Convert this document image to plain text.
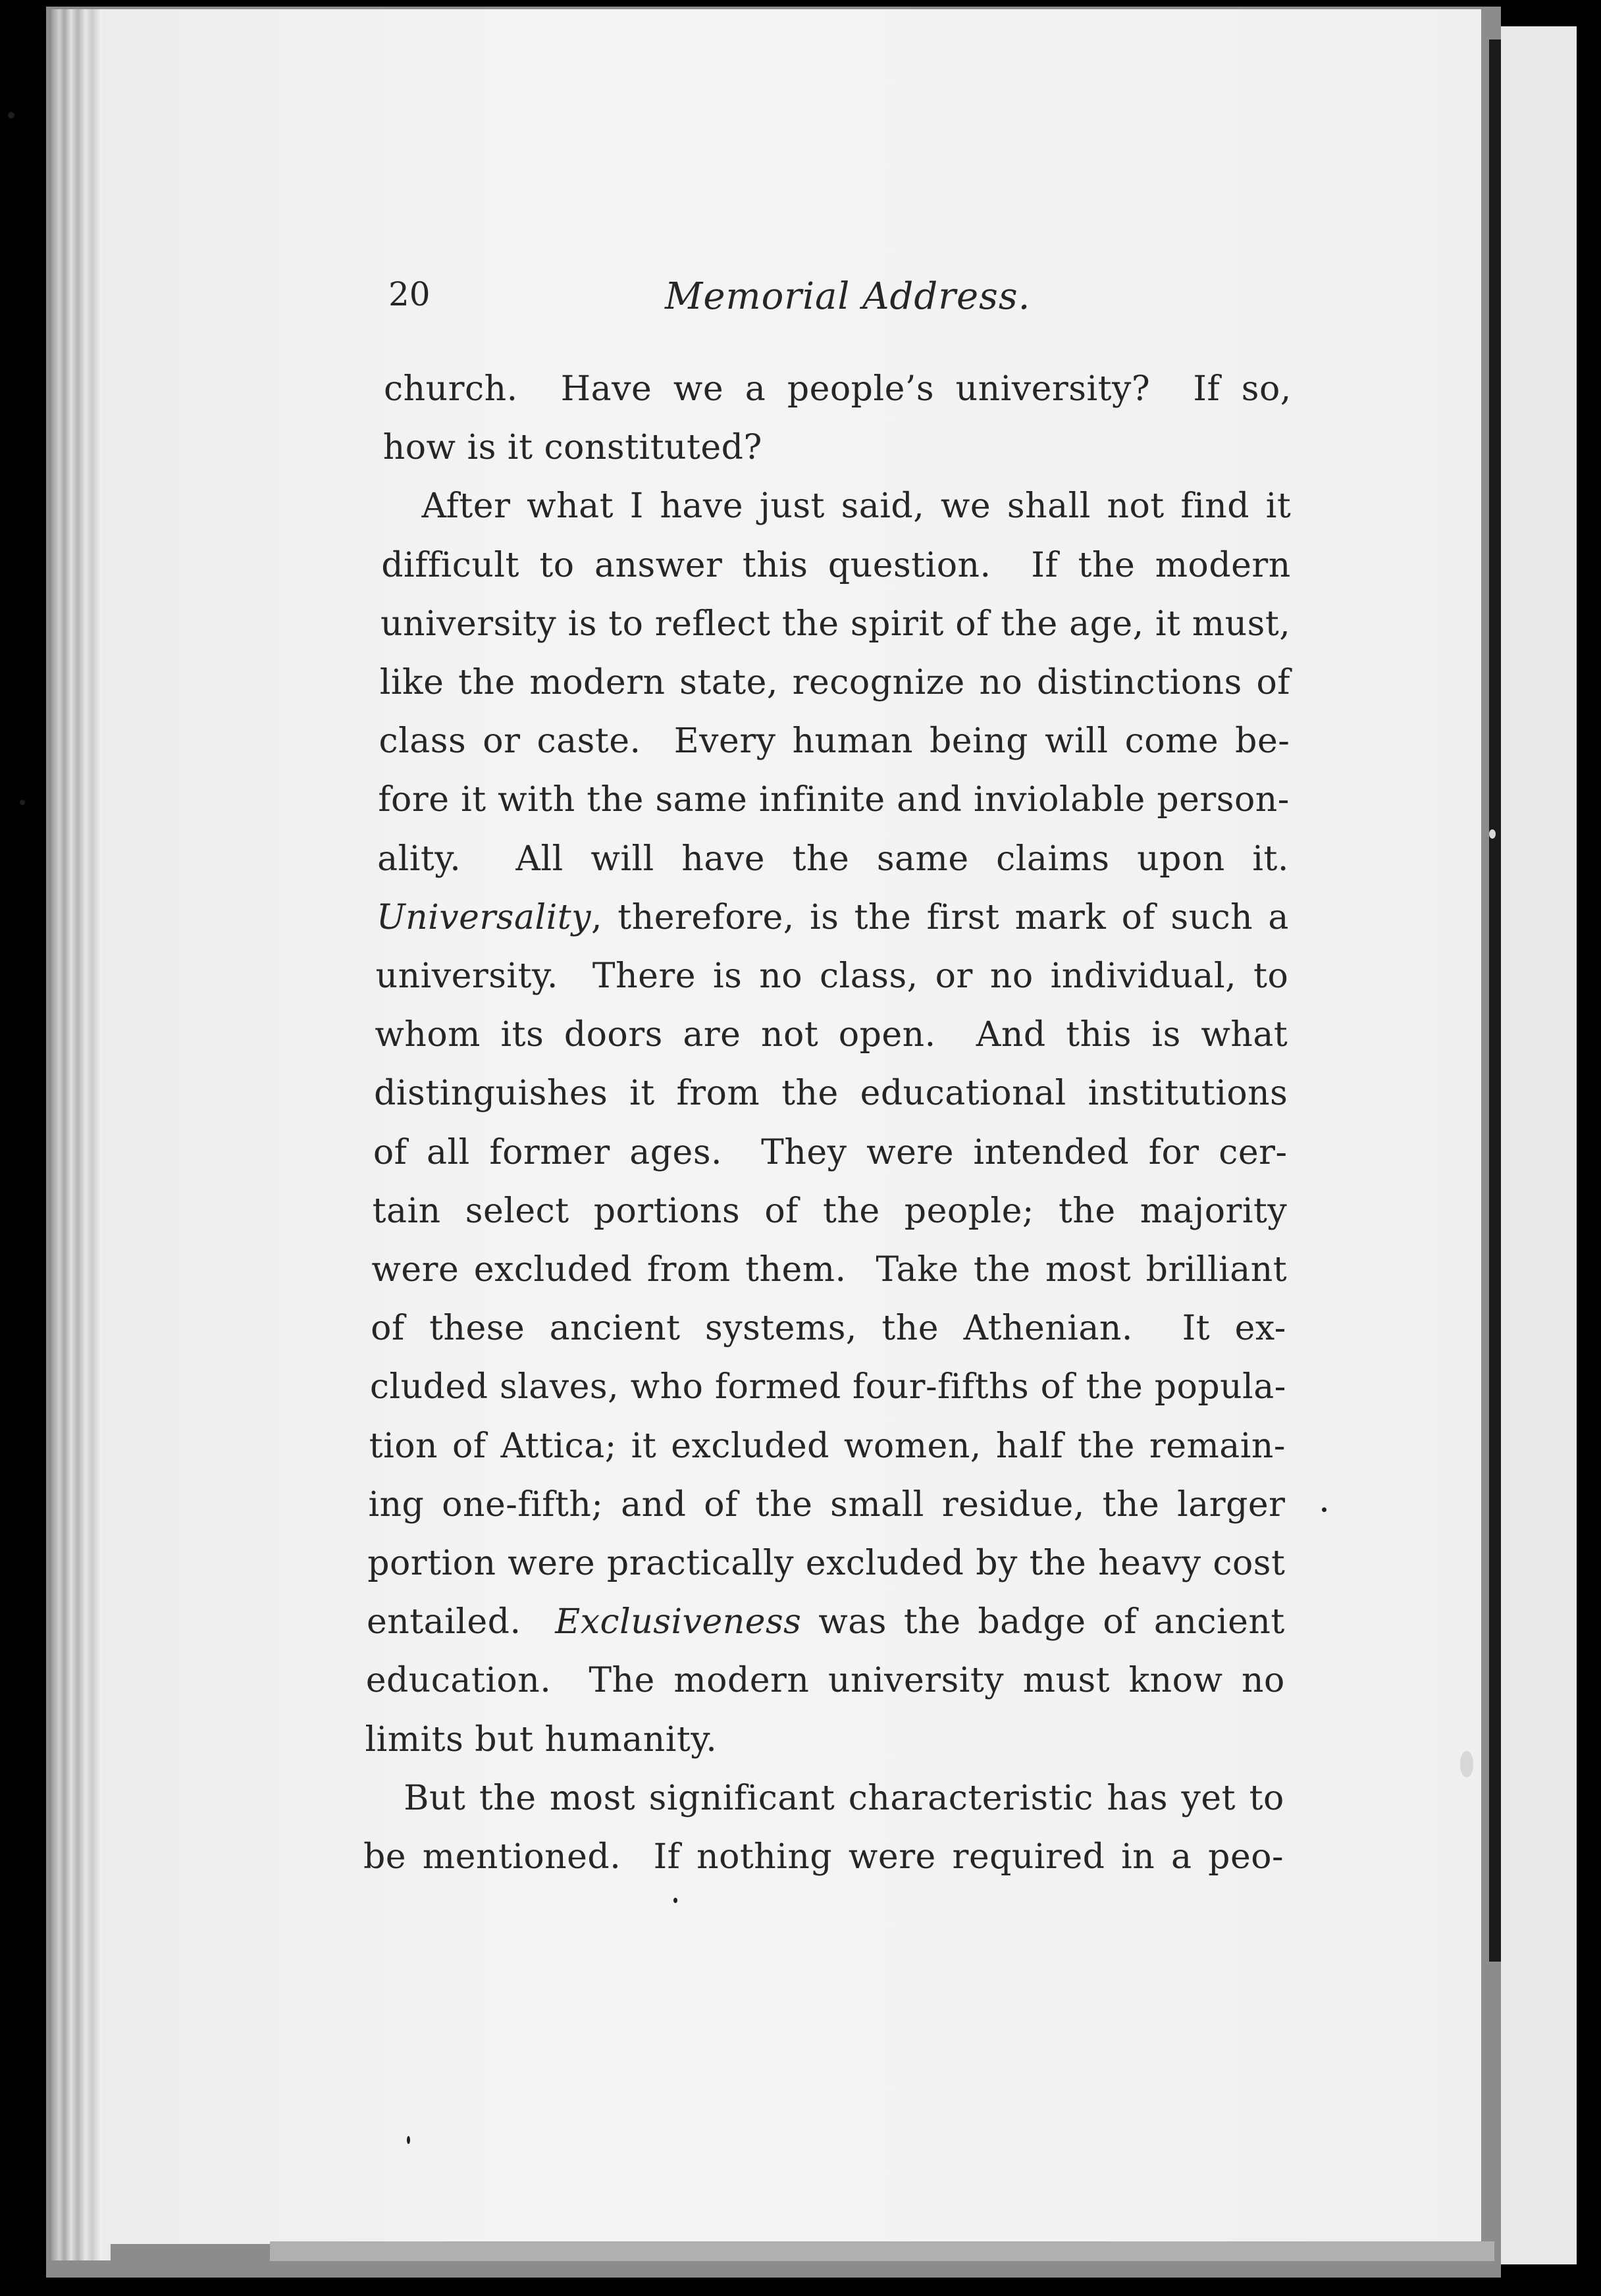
20	Memorial Address.
church.  Have we a people’s university?  If so,
how is it constituted?
After what I have just said, we shall not find it
difficult to answer this question.  If the modern
university is to reflect the spirit of the age, it must,
like the modern state, recognize no distinctions of
class or caste.  Every human being will come be-
fore it with the same infinite and inviolable person-
ality.  All will have the same claims upon it.
Universality, therefore, is the first mark of such a
university.  There is no class, or no individual, to
whom its doors are not open.  And this is what
distinguishes it from the educational institutions
of all former ages.  They were intended for cer-
tain select portions of the people; the majority
were excluded from them.  Take the most brilliant
of these ancient systems, the Athenian.  It ex-
cluded slaves, who formed four-fifths of the popula-
tion of Attica; it excluded women, half the remain-
ing one-fifth; and of the small residue, the larger
portion were practically excluded by the heavy cost
entailed.  Exclusiveness was the badge of ancient
education.  The modern university must know no
limits but humanity.
But the most significant characteristic has yet to
be mentioned.  If nothing were required in a peo-
